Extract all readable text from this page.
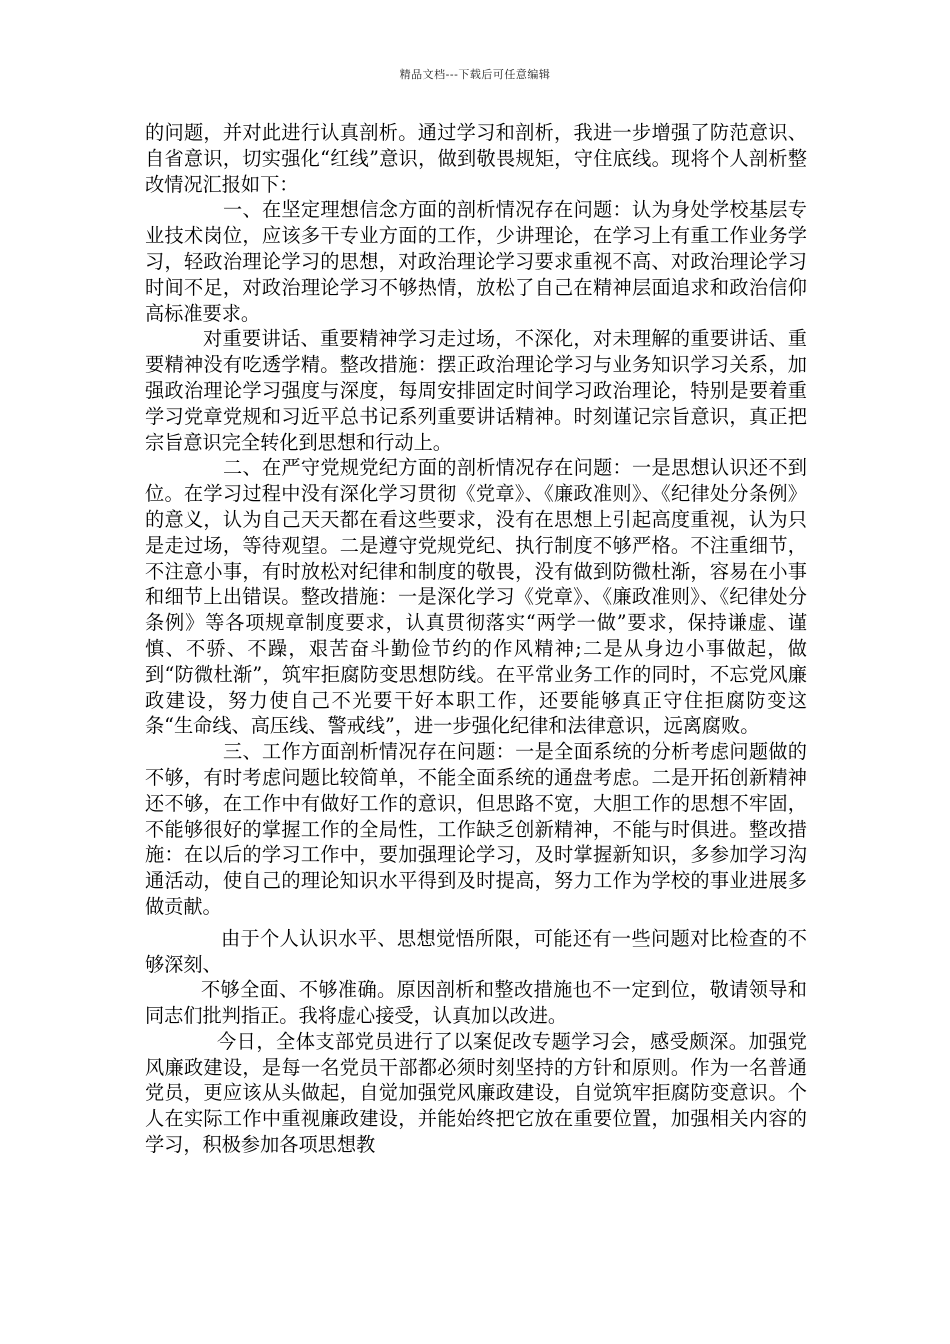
精品文档---下载后可任意编辑

的问题，并对此进行认真剖析。通过学习和剖析，我进一步增强了防范意识、自省意识，切实强化“红线”意识，做到敬畏规矩，守住底线。现将个人剖析整改情况汇报如下：

一、在坚定理想信念方面的剖析情况存在问题：认为身处学校基层专业技术岗位，应该多干专业方面的工作，少讲理论，在学习上有重工作业务学习，轻政治理论学习的思想，对政治理论学习要求重视不高、对政治理论学习时间不足，对政治理论学习不够热情，放松了自己在精神层面追求和政治信仰高标准要求。

对重要讲话、重要精神学习走过场，不深化，对未理解的重要讲话、重要精神没有吃透学精。整改措施：摆正政治理论学习与业务知识学习关系，加强政治理论学习强度与深度，每周安排固定时间学习政治理论，特别是要着重学习党章党规和习近平总书记系列重要讲话精神。时刻谨记宗旨意识，真正把宗旨意识完全转化到思想和行动上。

二、在严守党规党纪方面的剖析情况存在问题：一是思想认识还不到位。在学习过程中没有深化学习贯彻《党章》、《廉政准则》、《纪律处分条例》的意义，认为自己天天都在看这些要求，没有在思想上引起高度重视，认为只是走过场，等待观望。二是遵守党规党纪、执行制度不够严格。不注重细节，不注意小事，有时放松对纪律和制度的敬畏，没有做到防微杜渐，容易在小事和细节上出错误。整改措施：一是深化学习《党章》、《廉政准则》、《纪律处分条例》等各项规章制度要求，认真贯彻落实“两学一做”要求，保持谦虚、谨慎、不骄、不躁，艰苦奋斗勤俭节约的作风精神;二是从身边小事做起，做到“防微杜渐”，筑牢拒腐防变思想防线。在平常业务工作的同时，不忘党风廉政建设，努力使自己不光要干好本职工作，还要能够真正守住拒腐防变这条“生命线、高压线、警戒线”，进一步强化纪律和法律意识，远离腐败。

三、工作方面剖析情况存在问题：一是全面系统的分析考虑问题做的不够，有时考虑问题比较简单，不能全面系统的通盘考虑。二是开拓创新精神还不够，在工作中有做好工作的意识，但思路不宽，大胆工作的思想不牢固，不能够很好的掌握工作的全局性，工作缺乏创新精神，不能与时俱进。整改措施：在以后的学习工作中，要加强理论学习，及时掌握新知识，多参加学习沟通活动，使自己的理论知识水平得到及时提高，努力工作为学校的事业进展多做贡献。

由于个人认识水平、思想觉悟所限，可能还有一些问题对比检查的不够深刻、

不够全面、不够准确。原因剖析和整改措施也不一定到位，敬请领导和同志们批判指正。我将虚心接受，认真加以改进。

今日，全体支部党员进行了以案促改专题学习会，感受颇深。加强党风廉政建设，是每一名党员干部都必须时刻坚持的方针和原则。作为一名普通党员，更应该从头做起，自觉加强党风廉政建设，自觉筑牢拒腐防变意识。个人在实际工作中重视廉政建设，并能始终把它放在重要位置，加强相关内容的学习，积极参加各项思想教
